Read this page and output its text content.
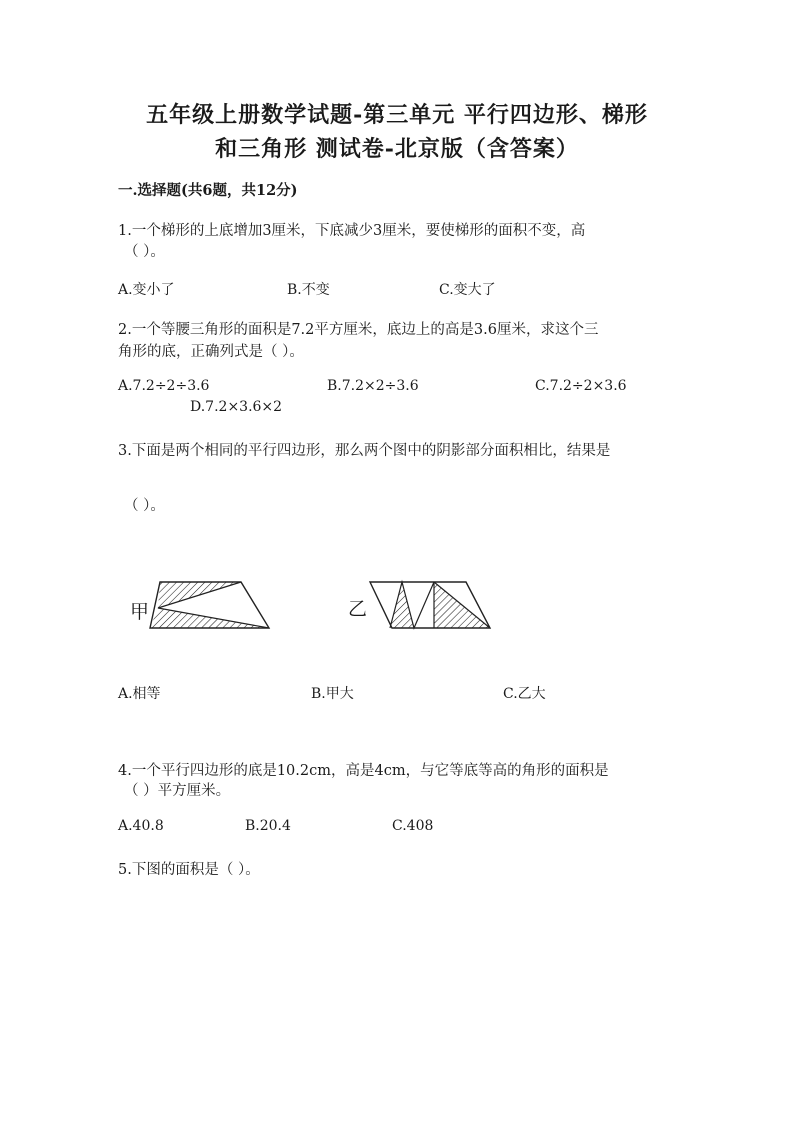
五年级上册数学试题-第三单元 平行四边形、梯形
和三角形 测试卷-北京版（含答案）
一.选择题(共6题，共12分)
1.一个梯形的上底增加3厘米，下底减少3厘米，要使梯形的面积不变，高
（ ）。
A.变小了	B.不变	C.变大了
2.一个等腰三角形的面积是7.2平方厘米，底边上的高是3.6厘米，求这个三
角形的底，正确列式是（ ）。
A.7.2÷2÷3.6	B.7.2×2÷3.6	C.7.2÷2×3.6
D.7.2×3.6×2
3.下面是两个相同的平行四边形，那么两个图中的阴影部分面积相比，结果是
（ ）。
甲	乙
A.相等	B.甲大	C.乙大
4.一个平行四边形的底是10.2cm，高是4cm，与它等底等高的角形的面积是
（ ）平方厘米。
A.40.8	B.20.4	C.408
5.下图的面积是（ ）。
